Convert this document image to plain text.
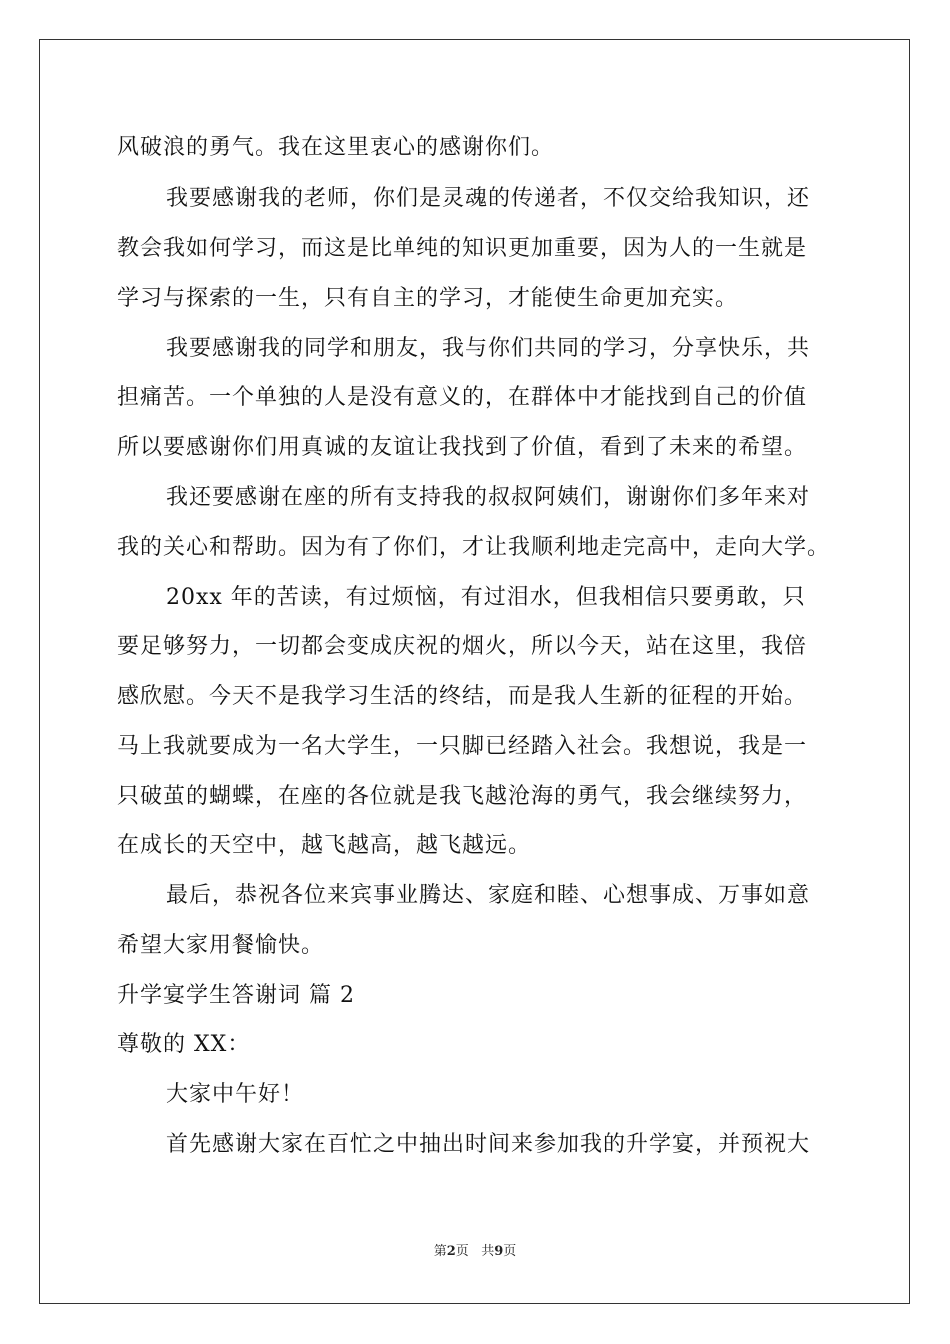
风破浪的勇气。我在这里衷心的感谢你们。
我要感谢我的老师，你们是灵魂的传递者，不仅交给我知识，还
教会我如何学习，而这是比单纯的知识更加重要，因为人的一生就是
学习与探索的一生，只有自主的学习，才能使生命更加充实。
我要感谢我的同学和朋友，我与你们共同的学习，分享快乐，共
担痛苦。一个单独的人是没有意义的，在群体中才能找到自己的价值
所以要感谢你们用真诚的友谊让我找到了价值，看到了未来的希望。
我还要感谢在座的所有支持我的叔叔阿姨们，谢谢你们多年来对
我的关心和帮助。因为有了你们，才让我顺利地走完高中，走向大学。
20xx 年的苦读，有过烦恼，有过泪水，但我相信只要勇敢，只
要足够努力，一切都会变成庆祝的烟火，所以今天，站在这里，我倍
感欣慰。今天不是我学习生活的终结，而是我人生新的征程的开始。
马上我就要成为一名大学生，一只脚已经踏入社会。我想说，我是一
只破茧的蝴蝶，在座的各位就是我飞越沧海的勇气，我会继续努力，
在成长的天空中，越飞越高，越飞越远。
最后，恭祝各位来宾事业腾达、家庭和睦、心想事成、万事如意
希望大家用餐愉快。
升学宴学生答谢词 篇 2
尊敬的 XX：
大家中午好！
首先感谢大家在百忙之中抽出时间来参加我的升学宴，并预祝大
第2页 共9页
